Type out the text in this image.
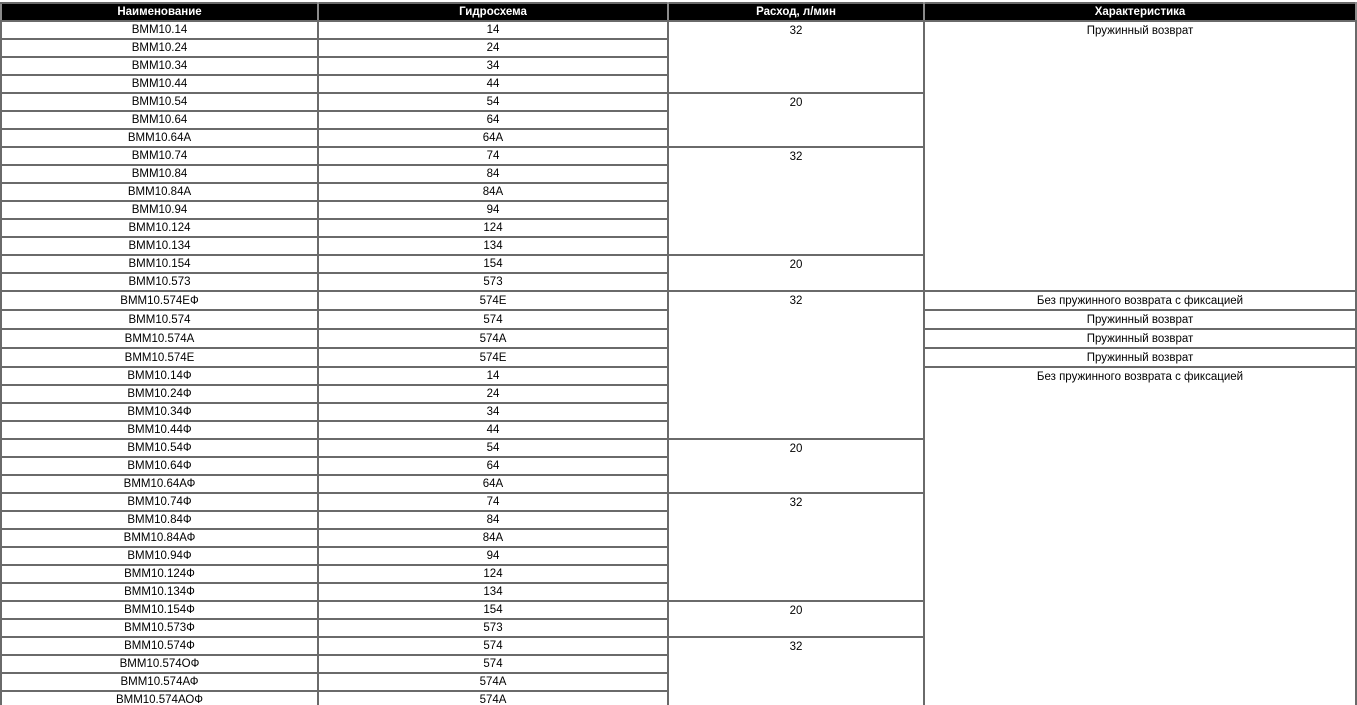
Наименование	Гидросхема	Расход, л/мин	Характеристика
ВММ10.14	14	32	Пружинный возврат
ВММ10.24	24		
ВММ10.34	34		
ВММ10.44	44		
ВММ10.54	54	20	
ВММ10.64	64		
ВММ10.64А	64А		
ВММ10.74	74	32	
ВММ10.84	84		
ВММ10.84А	84А		
ВММ10.94	94		
ВММ10.124	124		
ВММ10.134	134		
ВММ10.154	154	20	
ВММ10.573	573		
ВММ10.574ЕФ	574Е	32	Без пружинного возврата с фиксацией
ВММ10.574	574		Пружинный возврат
ВММ10.574А	574А		Пружинный возврат
ВММ10.574Е	574Е		Пружинный возврат
ВММ10.14Ф	14		Без пружинного возврата с фиксацией
ВММ10.24Ф	24		
ВММ10.34Ф	34		
ВММ10.44Ф	44		
ВММ10.54Ф	54	20	
ВММ10.64Ф	64		
ВММ10.64АФ	64А		
ВММ10.74Ф	74	32	
ВММ10.84Ф	84		
ВММ10.84АФ	84А		
ВММ10.94Ф	94		
ВММ10.124Ф	124		
ВММ10.134Ф	134		
ВММ10.154Ф	154	20	
ВММ10.573Ф	573		
ВММ10.574Ф	574	32	
ВММ10.574ОФ	574		
ВММ10.574АФ	574А		
ВММ10.574АОФ	574А		
